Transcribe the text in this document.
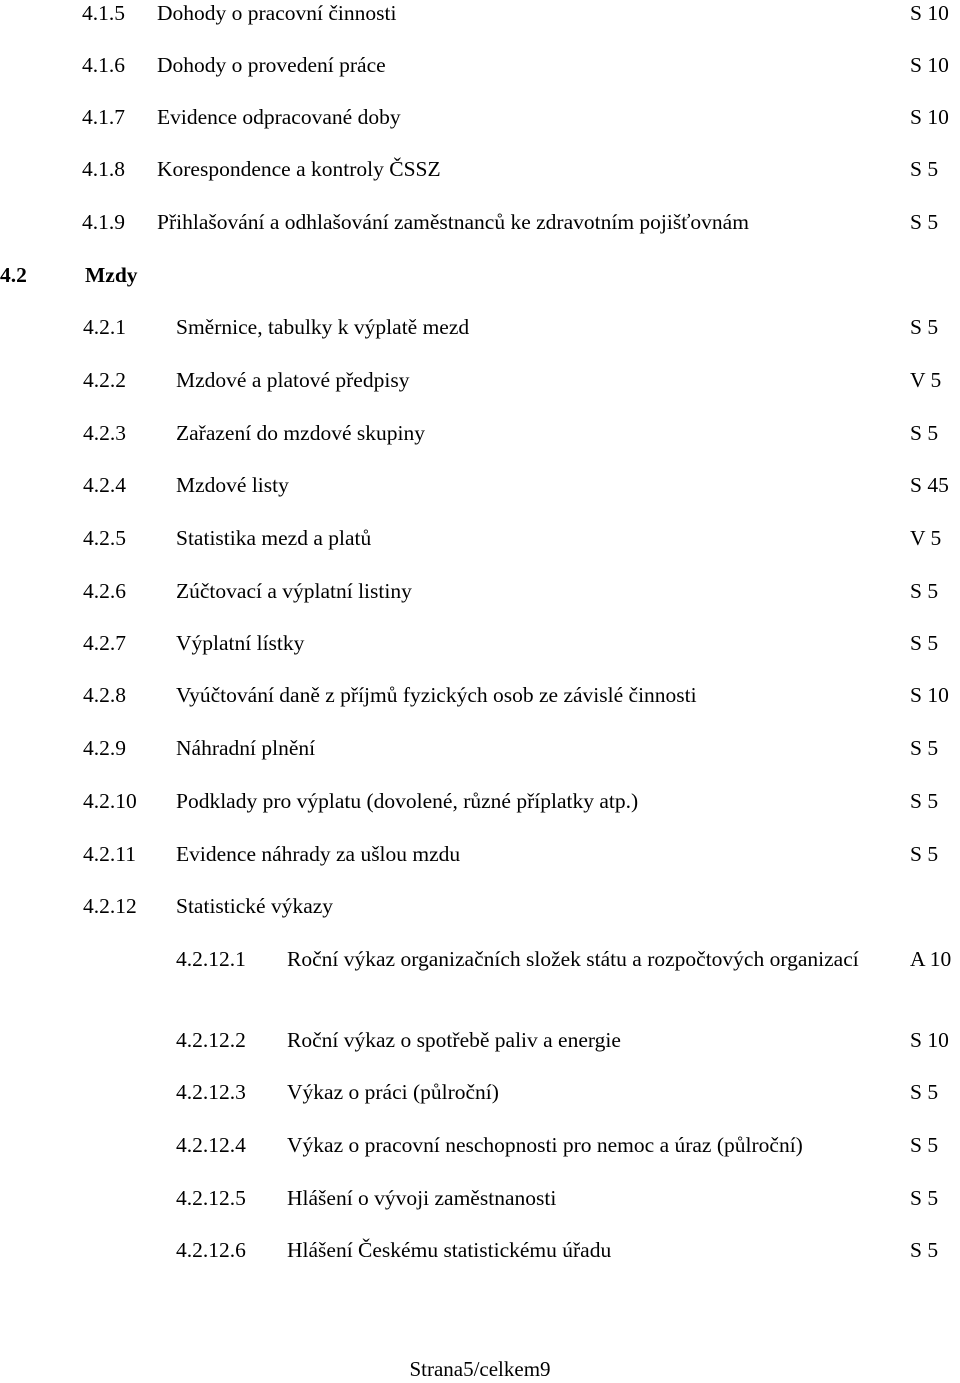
4.1.5 Dohody o pracovní činnosti	S 10
4.1.6 Dohody o provedení práce	S 10
4.1.7 Evidence odpracované doby	S 10
4.1.8 Korespondence a kontroly ČSSZ	S 5
4.1.9 Přihlašování a odhlašování zaměstnanců ke zdravotním pojišťovnám	S 5
4.2	Mzdy
4.2.1 Směrnice, tabulky k výplatě mezd	S 5
4.2.2 Mzdové a platové předpisy	V 5
4.2.3 Zařazení do mzdové skupiny	S 5
4.2.4 Mzdové listy	S 45
4.2.5 Statistika mezd a platů	V 5
4.2.6 Zúčtovací a výplatní listiny	S 5
4.2.7 Výplatní lístky	S 5
4.2.8 Vyúčtování daně z příjmů fyzických osob ze závislé činnosti	S 10
4.2.9 Náhradní plnění	S 5
4.2.10 Podklady pro výplatu (dovolené, různé příplatky atp.)	S 5
4.2.11 Evidence náhrady za ušlou mzdu	S 5
4.2.12 Statistické výkazy
4.2.12.1 Roční výkaz organizačních složek státu a rozpočtových organizací	A 10
4.2.12.2 Roční výkaz o spotřebě paliv a energie	S 10
4.2.12.3 Výkaz o práci (půlroční)	S 5
4.2.12.4 Výkaz o pracovní neschopnosti pro nemoc a úraz (půlroční)	S 5
4.2.12.5 Hlášení o vývoji zaměstnanosti	S 5
4.2.12.6 Hlášení Českému statistickému úřadu	S 5
Strana5/celkem9
